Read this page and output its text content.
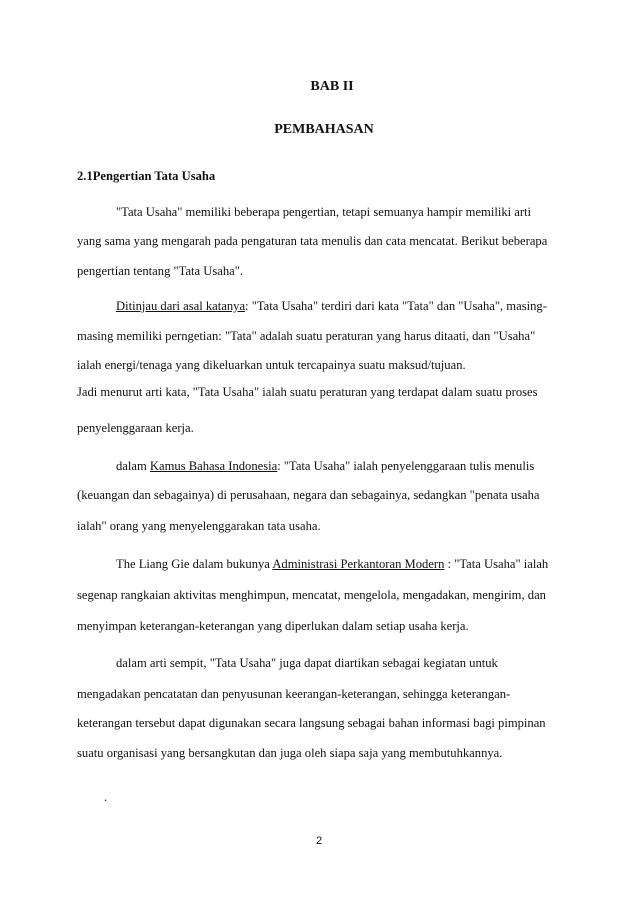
BAB II
PEMBAHASAN
2.1Pengertian Tata Usaha
"Tata Usaha" memiliki beberapa pengertian, tetapi semuanya hampir memiliki arti
yang sama yang mengarah pada pengaturan tata menulis dan cata mencatat. Berikut beberapa
pengertian tentang "Tata Usaha".
Ditinjau dari asal katanya: "Tata Usaha" terdiri dari kata "Tata" dan "Usaha", masing-
masing memiliki perngetian: "Tata" adalah suatu peraturan yang harus ditaati, dan "Usaha"
ialah energi/tenaga yang dikeluarkan untuk tercapainya suatu maksud/tujuan.
Jadi menurut arti kata, "Tata Usaha" ialah suatu peraturan yang terdapat dalam suatu proses
penyelenggaraan kerja.
dalam Kamus Bahasa Indonesia: "Tata Usaha" ialah penyelenggaraan tulis menulis
(keuangan dan sebagainya) di perusahaan, negara dan sebagainya, sedangkan "penata usaha
ialah" orang yang menyelenggarakan tata usaha.
The Liang Gie dalam bukunya Administrasi Perkantoran Modern : "Tata Usaha" ialah
segenap rangkaian aktivitas menghimpun, mencatat, mengelola, mengadakan, mengirim, dan
menyimpan keterangan-keterangan yang diperlukan dalam setiap usaha kerja.
dalam arti sempit, "Tata Usaha" juga dapat diartikan sebagai kegiatan untuk
mengadakan pencatatan dan penyusunan keerangan-keterangan, sehingga keterangan-
keterangan tersebut dapat digunakan secara langsung sebagai bahan informasi bagi pimpinan
suatu organisasi yang bersangkutan dan juga oleh siapa saja yang membutuhkannya.
.
2
